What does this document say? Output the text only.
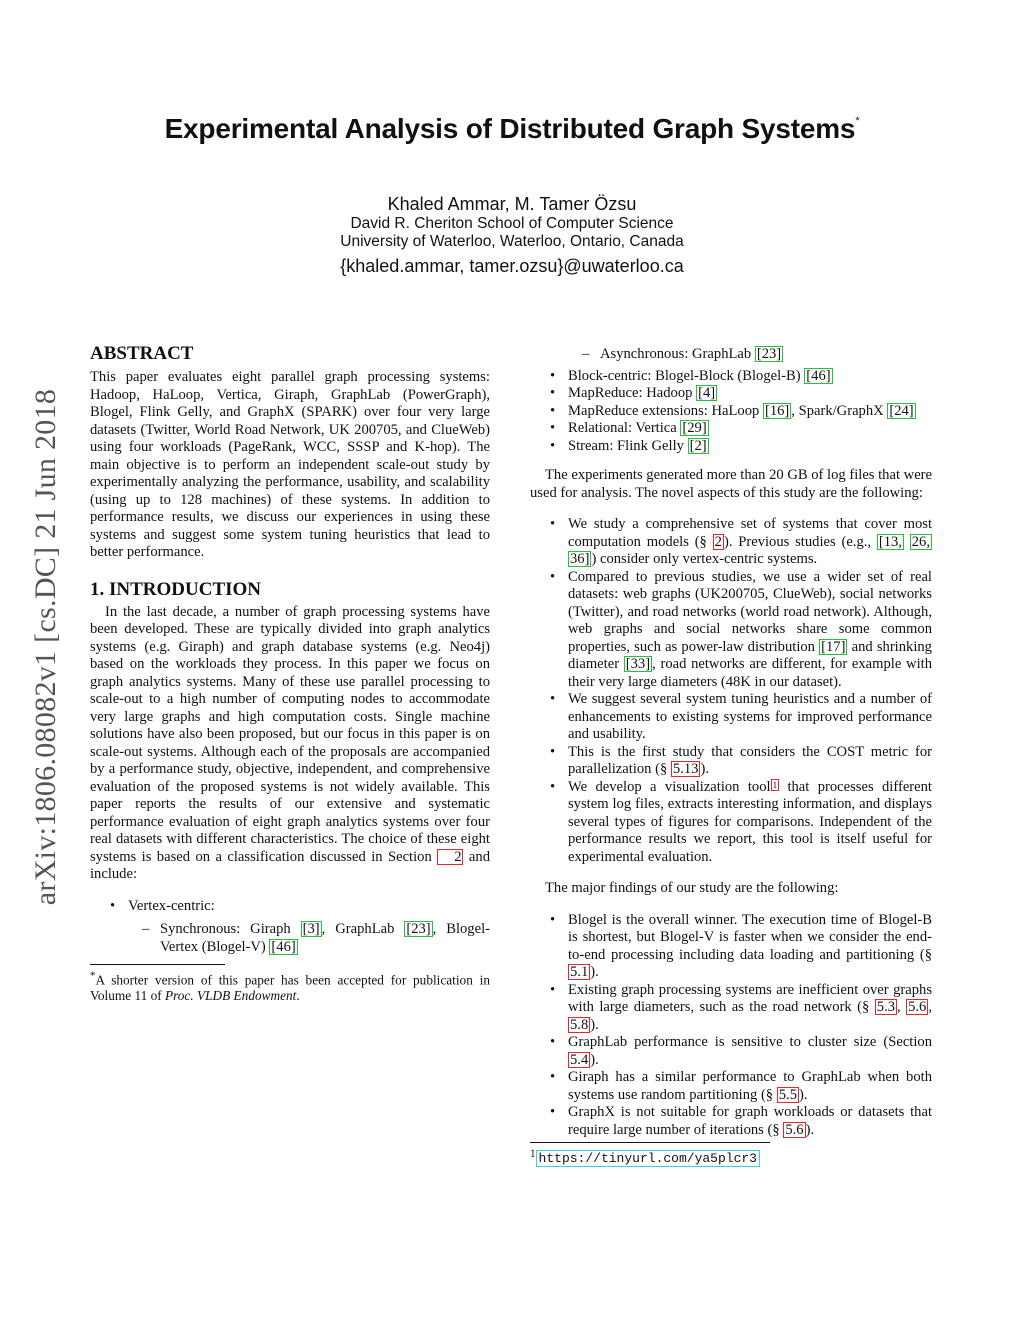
Experimental Analysis of Distributed Graph Systems*
Khaled Ammar, M. Tamer Özsu
David R. Cheriton School of Computer Science
University of Waterloo, Waterloo, Ontario, Canada
{khaled.ammar, tamer.ozsu}@uwaterloo.ca
arXiv:1806.08082v1 [cs.DC] 21 Jun 2018
ABSTRACT

This paper evaluates eight parallel graph processing systems: Hadoop, HaLoop, Vertica, Giraph, GraphLab (PowerGraph), Blogel, Flink Gelly, and GraphX (SPARK) over four very large datasets (Twitter, World Road Network, UK 200705, and ClueWeb) using four workloads (PageRank, WCC, SSSP and K-hop). The main objective is to perform an independent scale-out study by experimentally analyzing the performance, usability, and scalability (using up to 128 machines) of these systems. In addition to performance results, we discuss our experiences in using these systems and suggest some system tuning heuristics that lead to better performance.

1. INTRODUCTION

In the last decade, a number of graph processing systems have been developed. These are typically divided into graph analytics systems (e.g. Giraph) and graph database systems (e.g. Neo4j) based on the workloads they process. In this paper we focus on graph analytics systems. Many of these use parallel processing to scale-out to a high number of computing nodes to accommodate very large graphs and high computation costs. Single machine solutions have also been proposed, but our focus in this paper is on scale-out systems. Although each of the proposals are accompanied by a performance study, objective, independent, and comprehensive evaluation of the proposed systems is not widely available. This paper reports the results of our extensive and systematic performance evaluation of eight graph analytics systems over four real datasets with different characteristics. The choice of these eight systems is based on a classification discussed in Section 2 and include:

• Vertex-centric:
– Synchronous: Giraph [3] , GraphLab [23] , Blogel-Vertex (Blogel-V) [46]

*A shorter version of this paper has been accepted for publication in Volume 11 of Proc. VLDB Endowment.

– Asynchronous: GraphLab [23]
• Block-centric: Blogel-Block (Blogel-B) [46]
• MapReduce: Hadoop [4]
• MapReduce extensions: HaLoop [16] , Spark/GraphX [24]
• Relational: Vertica [29]
• Stream: Flink Gelly [2]

The experiments generated more than 20 GB of log files that were used for analysis. The novel aspects of this study are the following:

• We study a comprehensive set of systems that cover most computation models (§ 2 ). Previous studies (e.g., [13, 26, 36] ) consider only vertex-centric systems.
• Compared to previous studies, we use a wider set of real datasets: web graphs (UK200705, ClueWeb), social networks (Twitter), and road networks (world road network). Although, web graphs and social networks share some common properties, such as power-law distribution [17] and shrinking diameter [33] , road networks are different, for example with their very large diameters (48K in our dataset).
• We suggest several system tuning heuristics and a number of enhancements to existing systems for improved performance and usability.
• This is the first study that considers the COST metric for parallelization (§ 5.13 ).
• We develop a visualization tool 1 that processes different system log files, extracts interesting information, and displays several types of figures for comparisons. Independent of the performance results we report, this tool is itself useful for experimental evaluation.

The major findings of our study are the following:

• Blogel is the overall winner. The execution time of Blogel-B is shortest, but Blogel-V is faster when we consider the end-to-end processing including data loading and partitioning (§ 5.1 ).
• Existing graph processing systems are inefficient over graphs with large diameters, such as the road network (§ 5.3 , 5.6 , 5.8 ).
• GraphLab performance is sensitive to cluster size (Section 5.4 ).
• Giraph has a similar performance to GraphLab when both systems use random partitioning (§ 5.5 ).
• GraphX is not suitable for graph workloads or datasets that require large number of iterations (§ 5.6 ).

$^1$ https://tinyurl.com/ya5plcr3
